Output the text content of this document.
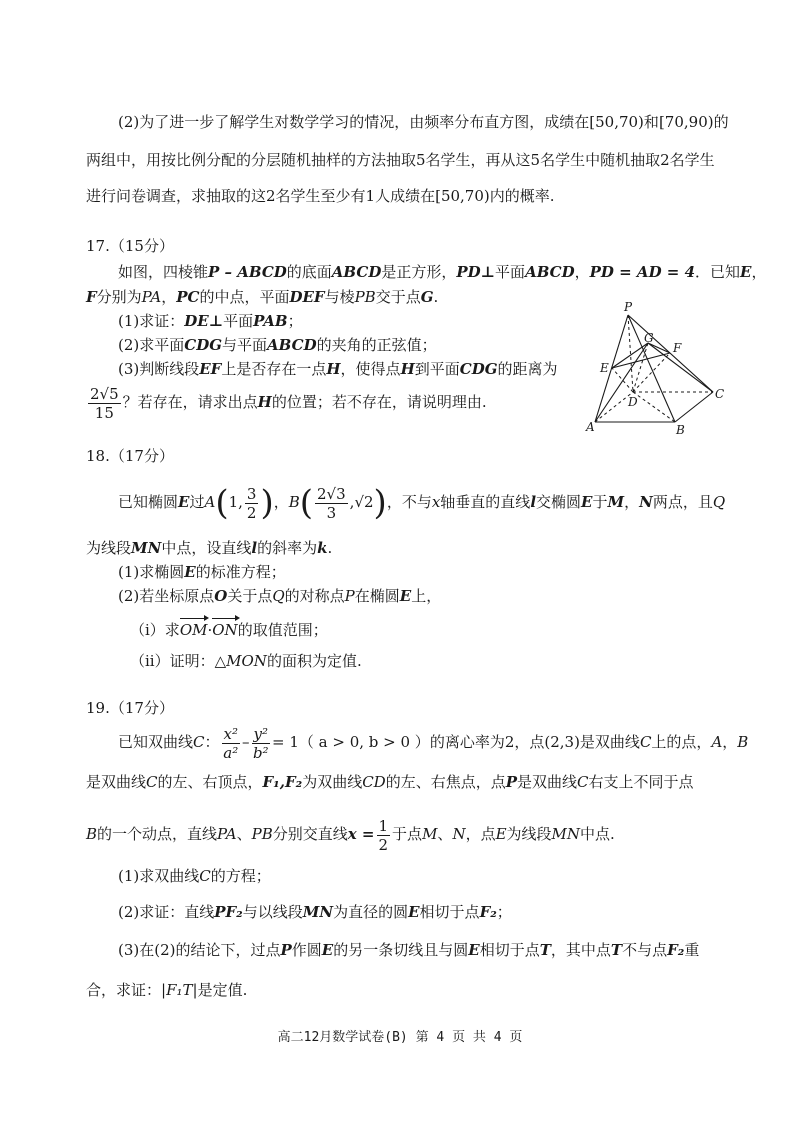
(2)为了进一步了解学生对数学学习的情况，由频率分布直方图，成绩在[50,70)和[70,90)的
两组中，用按比例分配的分层随机抽样的方法抽取5名学生，再从这5名学生中随机抽取2名学生
进行问卷调查，求抽取的这2名学生至少有1人成绩在[50,70)内的概率.
17.（15分）
如图，四棱锥P – ABCD的底面ABCD是正方形，PD⊥平面ABCD，PD = AD = 4．已知E，
F分别为PA，PC的中点，平面DEF与棱PB交于点G.
(1)求证：DE⊥平面PAB；
(2)求平面CDG与平面ABCD的夹角的正弦值；
(3)判断线段EF上是否存在一点H，使得点H到平面CDG的距离为
$\frac{2√5}{15}$ ？若存在，请求出点H的位置；若不存在，请说明理由.
P
G
F
E
D
C
A	B
18.（17分）
已知椭圆E过A(1, $\frac{3}{2}$ )，$B( \frac{2√3}{3} ,√2)$，不与x轴垂直的直线l交椭圆E于M，N两点，且Q
为线段MN中点，设直线l的斜率为k.
(1)求椭圆E的标准方程；
(2)若坐标原点O关于点Q的对称点P在椭圆E上，
（i）求OM·ON的取值范围；
（ii）证明：△MON的面积为定值.
19.（17分）
已知双曲线C： $\frac{\text{x²}}{\text{a²}} - \frac{\text{y²}}{\text{b²}} = 1$（ a > 0, b > 0 ）的离心率为2，点(2,3)是双曲线C上的点，A，B
是双曲线C的左、右顶点，F₁,F₂为双曲线CD的左、右焦点，点P是双曲线C右支上不同于点
B的一个动点，直线PA、PB分别交直线$x = \frac{1}{2}$ 于点M、N，点E为线段MN中点.
(1)求双曲线C的方程；
(2)求证：直线PF₂与以线段MN为直径的圆E相切于点F₂；
(3)在(2)的结论下，过点P作圆E的另一条切线且与圆E相切于点T，其中点T不与点F₂重
合，求证：|F₁T|是定值.
高二12月数学试卷(B) 第 4 页 共 4 页
